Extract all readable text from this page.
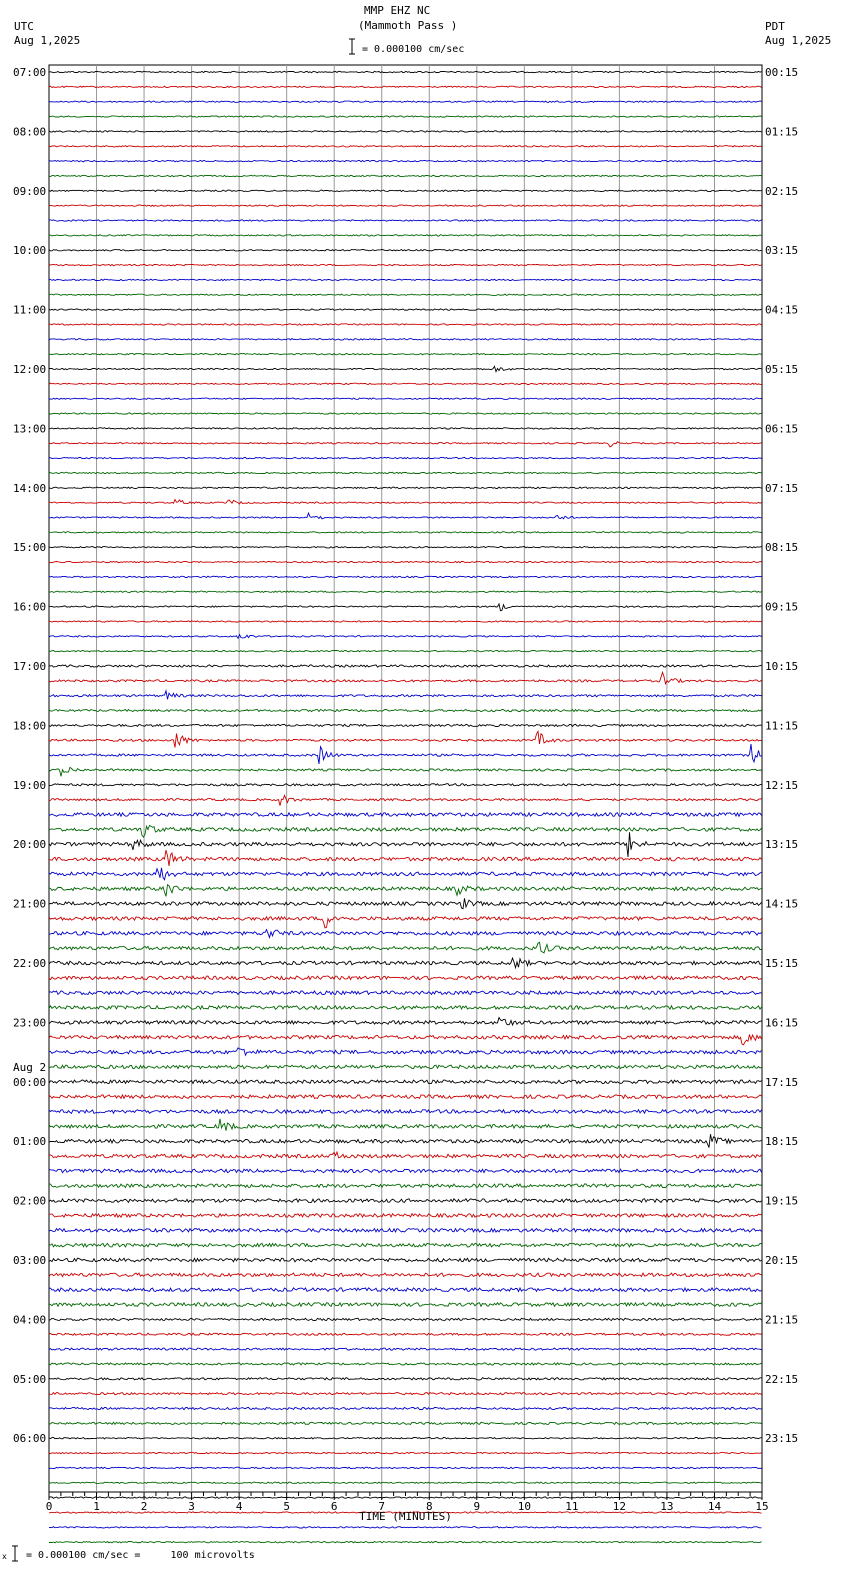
MMP EHZ NC
(Mammoth Pass )
UTC
Aug 1,2025
PDT
Aug 1,2025
= 0.000100 cm/sec
07:00
08:00
09:00
10:00
11:00
12:00
13:00
14:00
15:00
16:00
17:00
18:00
19:00
20:00
21:00
22:00
23:00
00:00
01:00
02:00
03:00
04:00
05:00
06:00
00:15
01:15
02:15
03:15
04:15
05:15
06:15
07:15
08:15
09:15
10:15
11:15
12:15
13:15
14:15
15:15
16:15
17:15
18:15
19:15
20:15
21:15
22:15
23:15
Aug 2
0	1	2	3	4	5	6	7	8	9	10	11	12	13	14	15
TIME (MINUTES)
x = 0.000100 cm/sec =     100 microvolts
